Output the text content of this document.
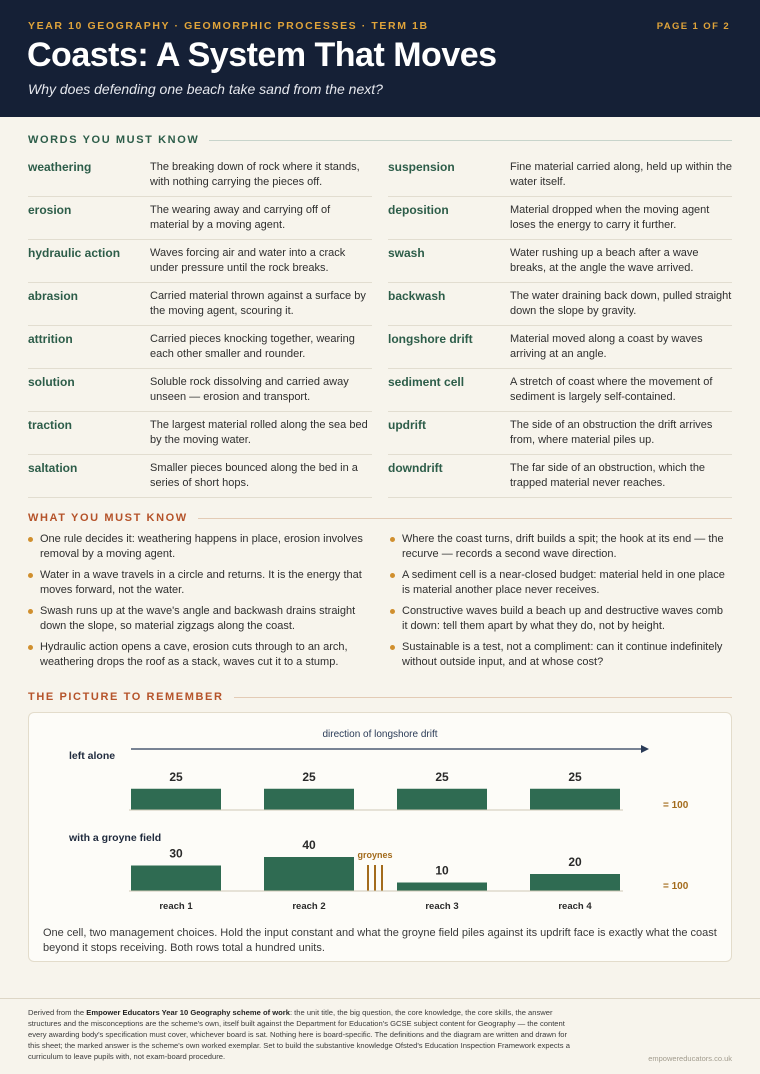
YEAR 10 GEOGRAPHY · GEOMORPHIC PROCESSES · TERM 1B	PAGE 1 OF 2
Coasts: A System That Moves
Why does defending one beach take sand from the next?
WORDS YOU MUST KNOW
weathering	The breaking down of rock where it stands, with nothing carrying the pieces off.
erosion	The wearing away and carrying off of material by a moving agent.
hydraulic action	Waves forcing air and water into a crack under pressure until the rock breaks.
abrasion	Carried material thrown against a surface by the moving agent, scouring it.
attrition	Carried pieces knocking together, wearing each other smaller and rounder.
solution	Soluble rock dissolving and carried away unseen — erosion and transport.
traction	The largest material rolled along the sea bed by the moving water.
saltation	Smaller pieces bounced along the bed in a series of short hops.
suspension	Fine material carried along, held up within the water itself.
deposition	Material dropped when the moving agent loses the energy to carry it further.
swash	Water rushing up a beach after a wave breaks, at the angle the wave arrived.
backwash	The water draining back down, pulled straight down the slope by gravity.
longshore drift	Material moved along a coast by waves arriving at an angle.
sediment cell	A stretch of coast where the movement of sediment is largely self-contained.
updrift	The side of an obstruction the drift arrives from, where material piles up.
downdrift	The far side of an obstruction, which the trapped material never reaches.
WHAT YOU MUST KNOW
One rule decides it: weathering happens in place, erosion involves removal by a moving agent.
Water in a wave travels in a circle and returns. It is the energy that moves forward, not the water.
Swash runs up at the wave's angle and backwash drains straight down the slope, so material zigzags along the coast.
Hydraulic action opens a cave, erosion cuts through to an arch, weathering drops the roof as a stack, waves cut it to a stump.
Where the coast turns, drift builds a spit; the hook at its end — the recurve — records a second wave direction.
A sediment cell is a near-closed budget: material held in one place is material another place never receives.
Constructive waves build a beach up and destructive waves comb it down: tell them apart by what they do, not by height.
Sustainable is a test, not a compliment: can it continue indefinitely without outside input, and at whose cost?
THE PICTURE TO REMEMBER
direction of longshore drift
left alone
25	25	25	25
= 100
with a groyne field
30
40
10
20
= 100
groynes
reach 1	reach 2	reach 3	reach 4
One cell, two management choices. Hold the input constant and what the groyne field piles against its updrift face is exactly what the coast beyond it stops receiving. Both rows total a hundred units.
Derived from the Empower Educators Year 10 Geography scheme of work: the unit title, the big question, the core knowledge, the core skills, the answer structures and the misconceptions are the scheme's own, itself built against the Department for Education's GCSE subject content for Geography — the content every awarding body's specification must cover, whichever board is sat. Nothing here is board-specific. The definitions and the diagram are written and drawn for this sheet; the marked answer is the scheme's own worked exemplar. Set to build the substantive knowledge Ofsted's Education Inspection Framework expects a curriculum to leave pupils with, not exam-board procedure.	empowereducators.co.uk
